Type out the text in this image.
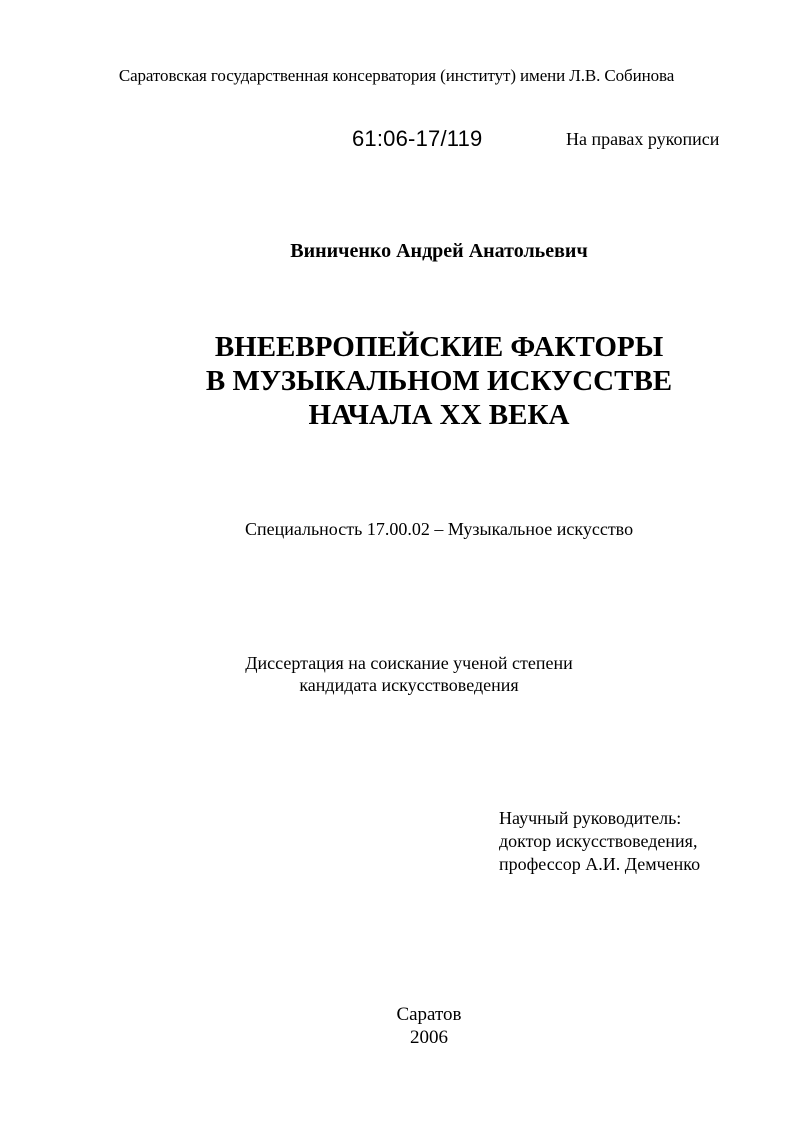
Саратовская государственная консерватория (институт) имени Л.В. Собинова
61:06-17/119	На правах рукописи
Виниченко Андрей Анатольевич
ВНЕЕВРОПЕЙСКИЕ ФАКТОРЫ
В МУЗЫКАЛЬНОМ ИСКУССТВЕ
НАЧАЛА XX ВЕКА
Специальность 17.00.02 – Музыкальное искусство
Диссертация на соискание ученой степени
кандидата искусствоведения
Научный руководитель:
доктор искусствоведения,
профессор А.И. Демченко
Саратов
2006
